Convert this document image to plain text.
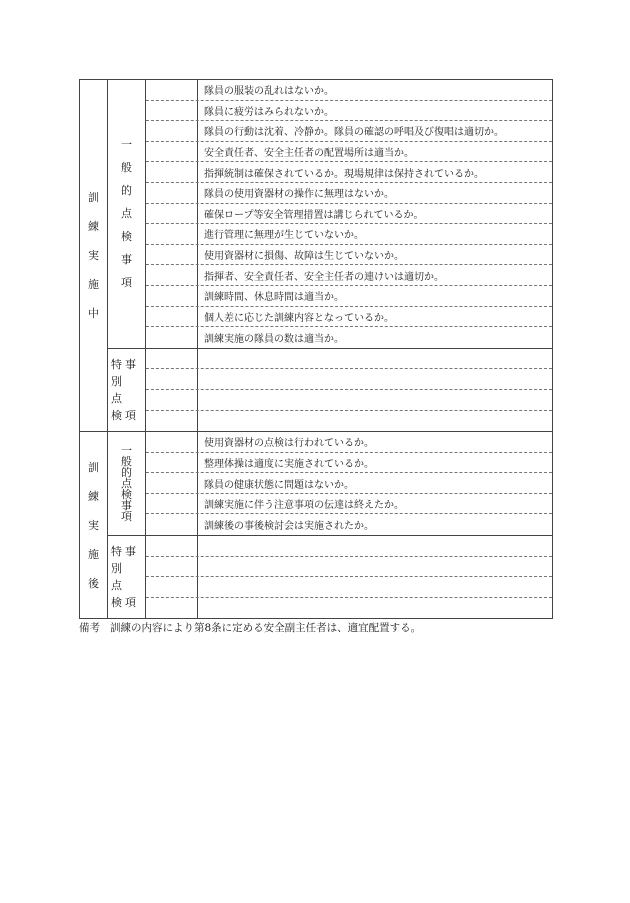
訓
練
実
施
中
一
般
的
点
検
事
項
隊員の服装の乱れはないか。
隊員に疲労はみられないか。
隊員の行動は沈着、冷静か。隊員の確認の呼唱及び復唱は適切か。
安全責任者、安全主任者の配置場所は適当か。
指揮統制は確保されているか。現場規律は保持されているか。
隊員の使用資器材の操作に無理はないか。
確保ロープ等安全管理措置は講じられているか。
進行管理に無理が生じていないか。
使用資器材に損傷、故障は生じていないか。
指揮者、安全責任者、安全主任者の連けいは適切か。
訓練時間、休息時間は適当か。
個人差に応じた訓練内容となっているか。
訓練実施の隊員の数は適当か。
特 事
別
点
検 項
訓
練
実
施
後
一
般
的
点
検
事
項
使用資器材の点検は行われているか。
整理体操は適度に実施されているか。
隊員の健康状態に問題はないか。
訓練実施に伴う注意事項の伝達は終えたか。
訓練後の事後検討会は実施されたか。
特 事
別
点
検 項
備考 訓練の内容により第8条に定める安全副主任者は、適宜配置する。
